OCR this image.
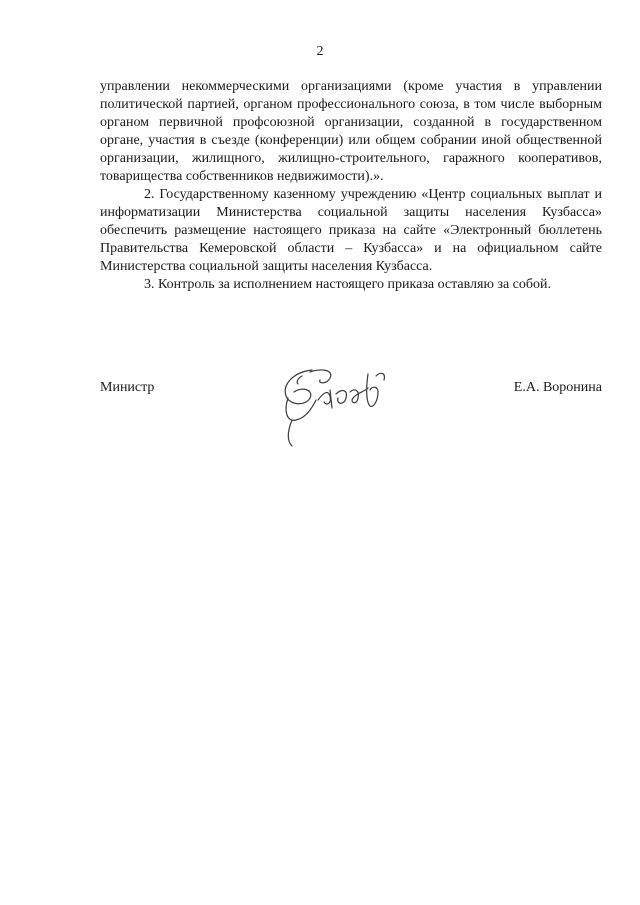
2

управлении некоммерческими организациями (кроме участия в управлении политической партией, органом профессионального союза, в том числе выборным органом первичной профсоюзной организации, созданной в государственном органе, участия в съезде (конференции) или общем собрании иной общественной организации, жилищного, жилищно-строительного, гаражного кооперативов, товарищества собственников недвижимости).».

2. Государственному казенному учреждению «Центр социальных выплат и информатизации Министерства социальной защиты населения Кузбасса» обеспечить размещение настоящего приказа на сайте «Электронный бюллетень Правительства Кемеровской области – Кузбасса» и на официальном сайте Министерства социальной защиты населения Кузбасса.

3. Контроль за исполнением настоящего приказа оставляю за собой.

Министр	Е.А. Воронина
